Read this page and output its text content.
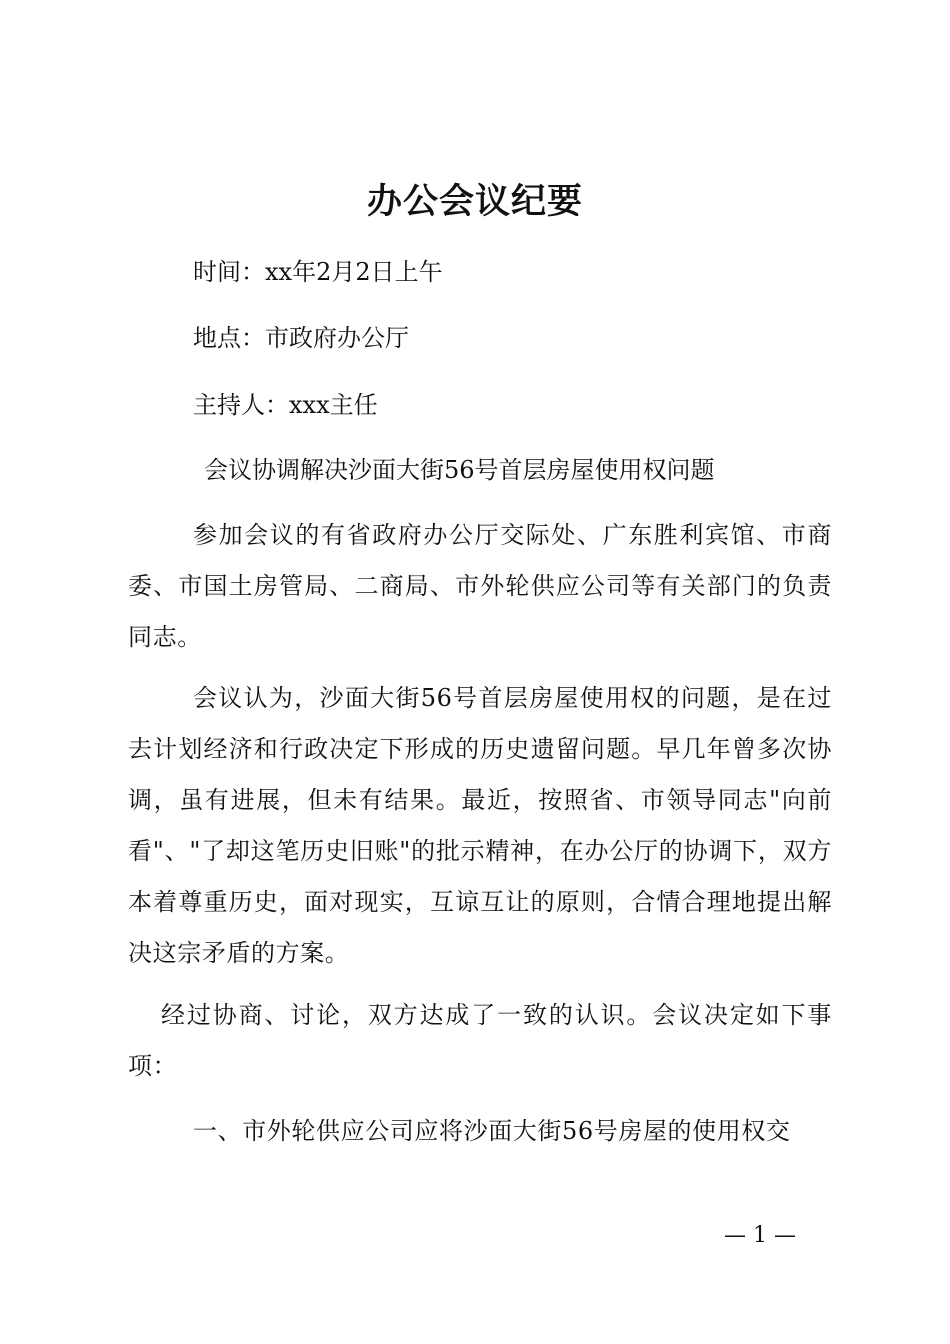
办公会议纪要
时间：xx年2月2日上午
地点：市政府办公厅
主持人：xxx主任
会议协调解决沙面大街56号首层房屋使用权问题
参加会议的有省政府办公厅交际处、广东胜利宾馆、市商委、市国土房管局、二商局、市外轮供应公司等有关部门的负责同志。
会议认为，沙面大街56号首层房屋使用权的问题，是在过去计划经济和行政决定下形成的历史遗留问题。早几年曾多次协调，虽有进展，但未有结果。最近，按照省、市领导同志"向前看"、"了却这笔历史旧账"的批示精神，在办公厅的协调下，双方本着尊重历史，面对现实，互谅互让的原则，合情合理地提出解决这宗矛盾的方案。
经过协商、讨论，双方达成了一致的认识。会议决定如下事项：
一、市外轮供应公司应将沙面大街56号房屋的使用权交
— 1 —
